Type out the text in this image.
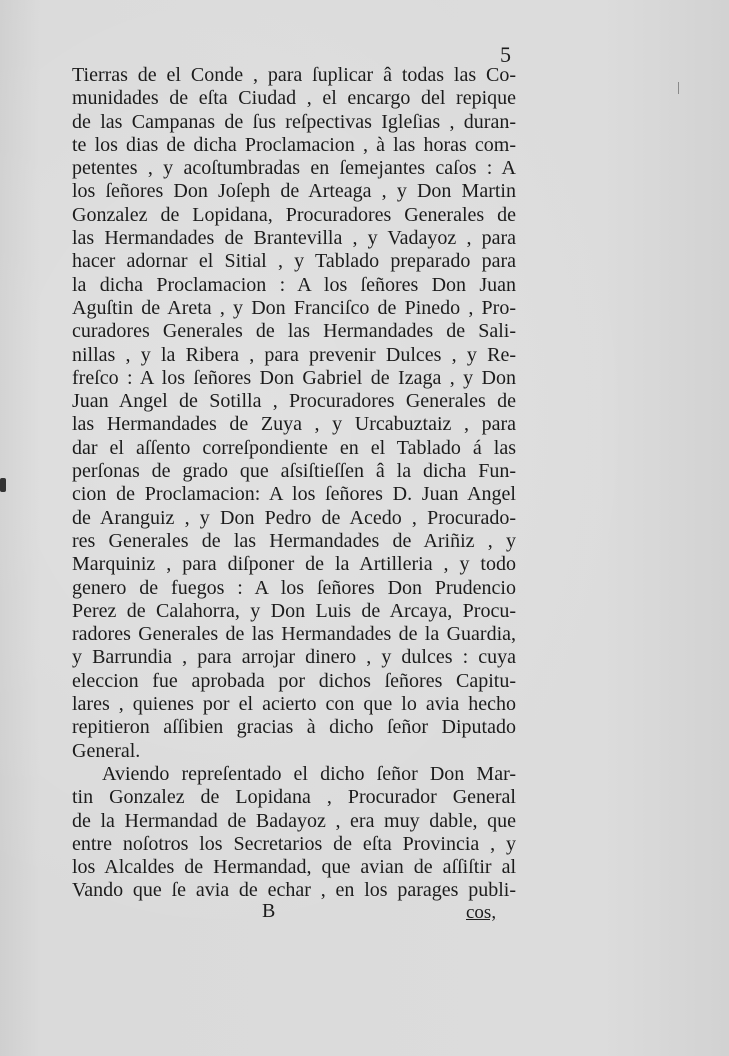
5
Tierras de el Conde , para ſuplicar â todas las Co-
munidades de eſta Ciudad , el encargo del repique
de las Campanas de ſus reſpectivas Igleſias , duran-
te los dias de dicha Proclamacion , à las horas com-
petentes , y acoſtumbradas en ſemejantes caſos : A
los ſeñores Don Joſeph de Arteaga , y Don Martin
Gonzalez de Lopidana, Procuradores Generales de
las Hermandades de Brantevilla , y Vadayoz , para
hacer adornar el Sitial , y Tablado preparado para
la dicha Proclamacion : A los ſeñores Don Juan
Aguſtin de Areta , y Don Franciſco de Pinedo , Pro-
curadores Generales de las Hermandades de Sali-
nillas , y la Ribera , para prevenir Dulces , y Re-
freſco : A los ſeñores Don Gabriel de Izaga , y Don
Juan Angel de Sotilla , Procuradores Generales de
las Hermandades de Zuya , y Urcabuztaiz , para
dar el aſſento correſpondiente en el Tablado á las
perſonas de grado que aſsiſtieſſen â la dicha Fun-
cion de Proclamacion: A los ſeñores D. Juan Angel
de Aranguiz , y Don Pedro de Acedo , Procurado-
res Generales de las Hermandades de Ariñiz , y
Marquiniz , para diſponer de la Artilleria , y todo
genero de fuegos : A los ſeñores Don Prudencio
Perez de Calahorra, y Don Luis de Arcaya, Procu-
radores Generales de las Hermandades de la Guardia,
y Barrundia , para arrojar dinero , y dulces : cuya
eleccion fue aprobada por dichos ſeñores Capitu-
lares , quienes por el acierto con que lo avia hecho
repitieron aſſibien gracias à dicho ſeñor Diputado
General.
Aviendo repreſentado el dicho ſeñor Don Mar-
tin Gonzalez de Lopidana , Procurador General
de la Hermandad de Badayoz , era muy dable, que
entre noſotros los Secretarios de eſta Provincia , y
los Alcaldes de Hermandad, que avian de aſſiſtir al
Vando que ſe avia de echar , en los parages publi-
B	cos,
